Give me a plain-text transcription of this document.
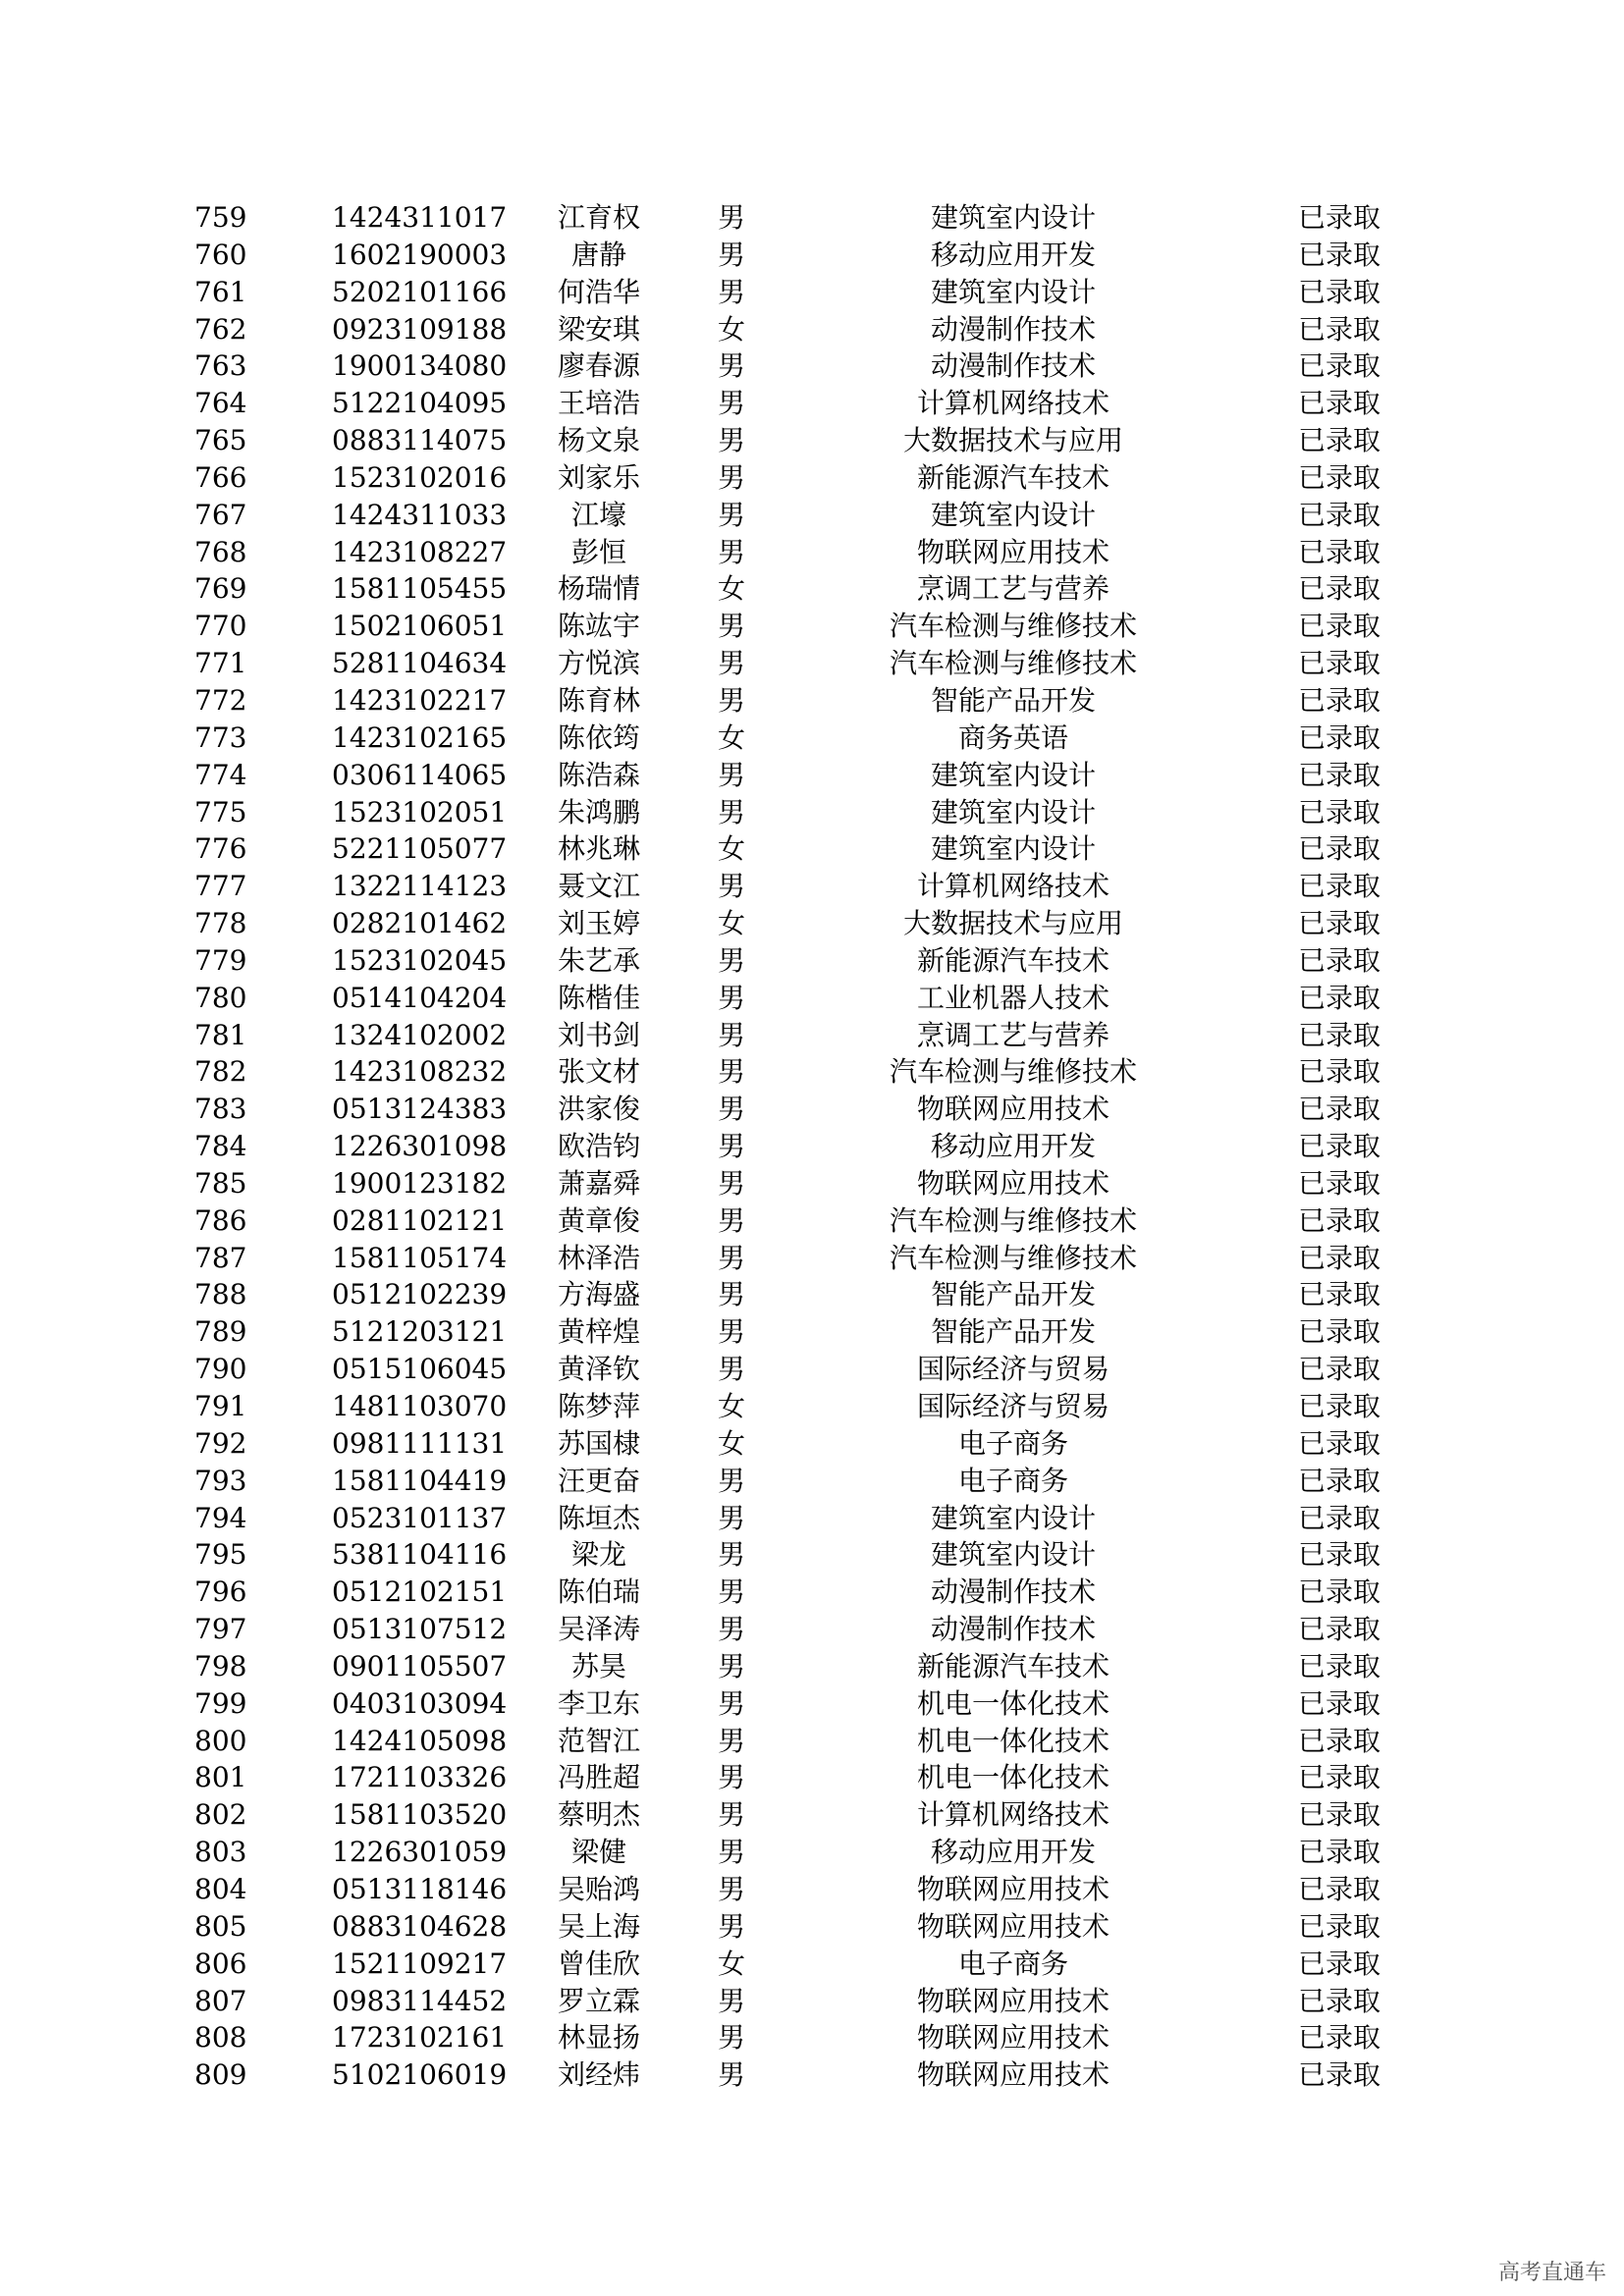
759	1424311017 江育权	男	建筑室内设计	已录取
760	1602190003 唐静	男	移动应用开发	已录取
761	5202101166 何浩华	男	建筑室内设计	已录取
762	0923109188 梁安琪	女	动漫制作技术	已录取
763	1900134080 廖春源	男	动漫制作技术	已录取
764	5122104095 王培浩	男	计算机网络技术	已录取
765	0883114075 杨文泉	男	大数据技术与应用	已录取
766	1523102016 刘家乐	男	新能源汽车技术	已录取
767	1424311033 江壕	男	建筑室内设计	已录取
768	1423108227 彭恒	男	物联网应用技术	已录取
769	1581105455 杨瑞情	女	烹调工艺与营养	已录取
770	1502106051 陈竑宇	男	汽车检测与维修技术	已录取
771	5281104634 方悦滨	男	汽车检测与维修技术	已录取
772	1423102217 陈育林	男	智能产品开发	已录取
773	1423102165 陈依筠	女	商务英语	已录取
774	0306114065 陈浩森	男	建筑室内设计	已录取
775	1523102051 朱鸿鹏	男	建筑室内设计	已录取
776	5221105077 林兆琳	女	建筑室内设计	已录取
777	1322114123 聂文江	男	计算机网络技术	已录取
778	0282101462 刘玉婷	女	大数据技术与应用	已录取
779	1523102045 朱艺承	男	新能源汽车技术	已录取
780	0514104204 陈楷佳	男	工业机器人技术	已录取
781	1324102002 刘书剑	男	烹调工艺与营养	已录取
782	1423108232 张文材	男	汽车检测与维修技术	已录取
783	0513124383 洪家俊	男	物联网应用技术	已录取
784	1226301098 欧浩钧	男	移动应用开发	已录取
785	1900123182 萧嘉舜	男	物联网应用技术	已录取
786	0281102121 黄章俊	男	汽车检测与维修技术	已录取
787	1581105174 林泽浩	男	汽车检测与维修技术	已录取
788	0512102239 方海盛	男	智能产品开发	已录取
789	5121203121 黄梓煌	男	智能产品开发	已录取
790	0515106045 黄泽钦	男	国际经济与贸易	已录取
791	1481103070 陈梦萍	女	国际经济与贸易	已录取
792	0981111131 苏国棣	女	电子商务	已录取
793	1581104419 汪更奋	男	电子商务	已录取
794	0523101137 陈垣杰	男	建筑室内设计	已录取
795	5381104116 梁龙	男	建筑室内设计	已录取
796	0512102151 陈伯瑞	男	动漫制作技术	已录取
797	0513107512 吴泽涛	男	动漫制作技术	已录取
798	0901105507 苏昊	男	新能源汽车技术	已录取
799	0403103094 李卫东	男	机电一体化技术	已录取
800	1424105098 范智江	男	机电一体化技术	已录取
801	1721103326 冯胜超	男	机电一体化技术	已录取
802	1581103520 蔡明杰	男	计算机网络技术	已录取
803	1226301059 梁健	男	移动应用开发	已录取
804	0513118146 吴贻鸿	男	物联网应用技术	已录取
805	0883104628 吴上海	男	物联网应用技术	已录取
806	1521109217 曾佳欣	女	电子商务	已录取
807	0983114452 罗立霖	男	物联网应用技术	已录取
808	1723102161 林显扬	男	物联网应用技术	已录取
809	5102106019 刘经炜	男	物联网应用技术	已录取
高考直通车
